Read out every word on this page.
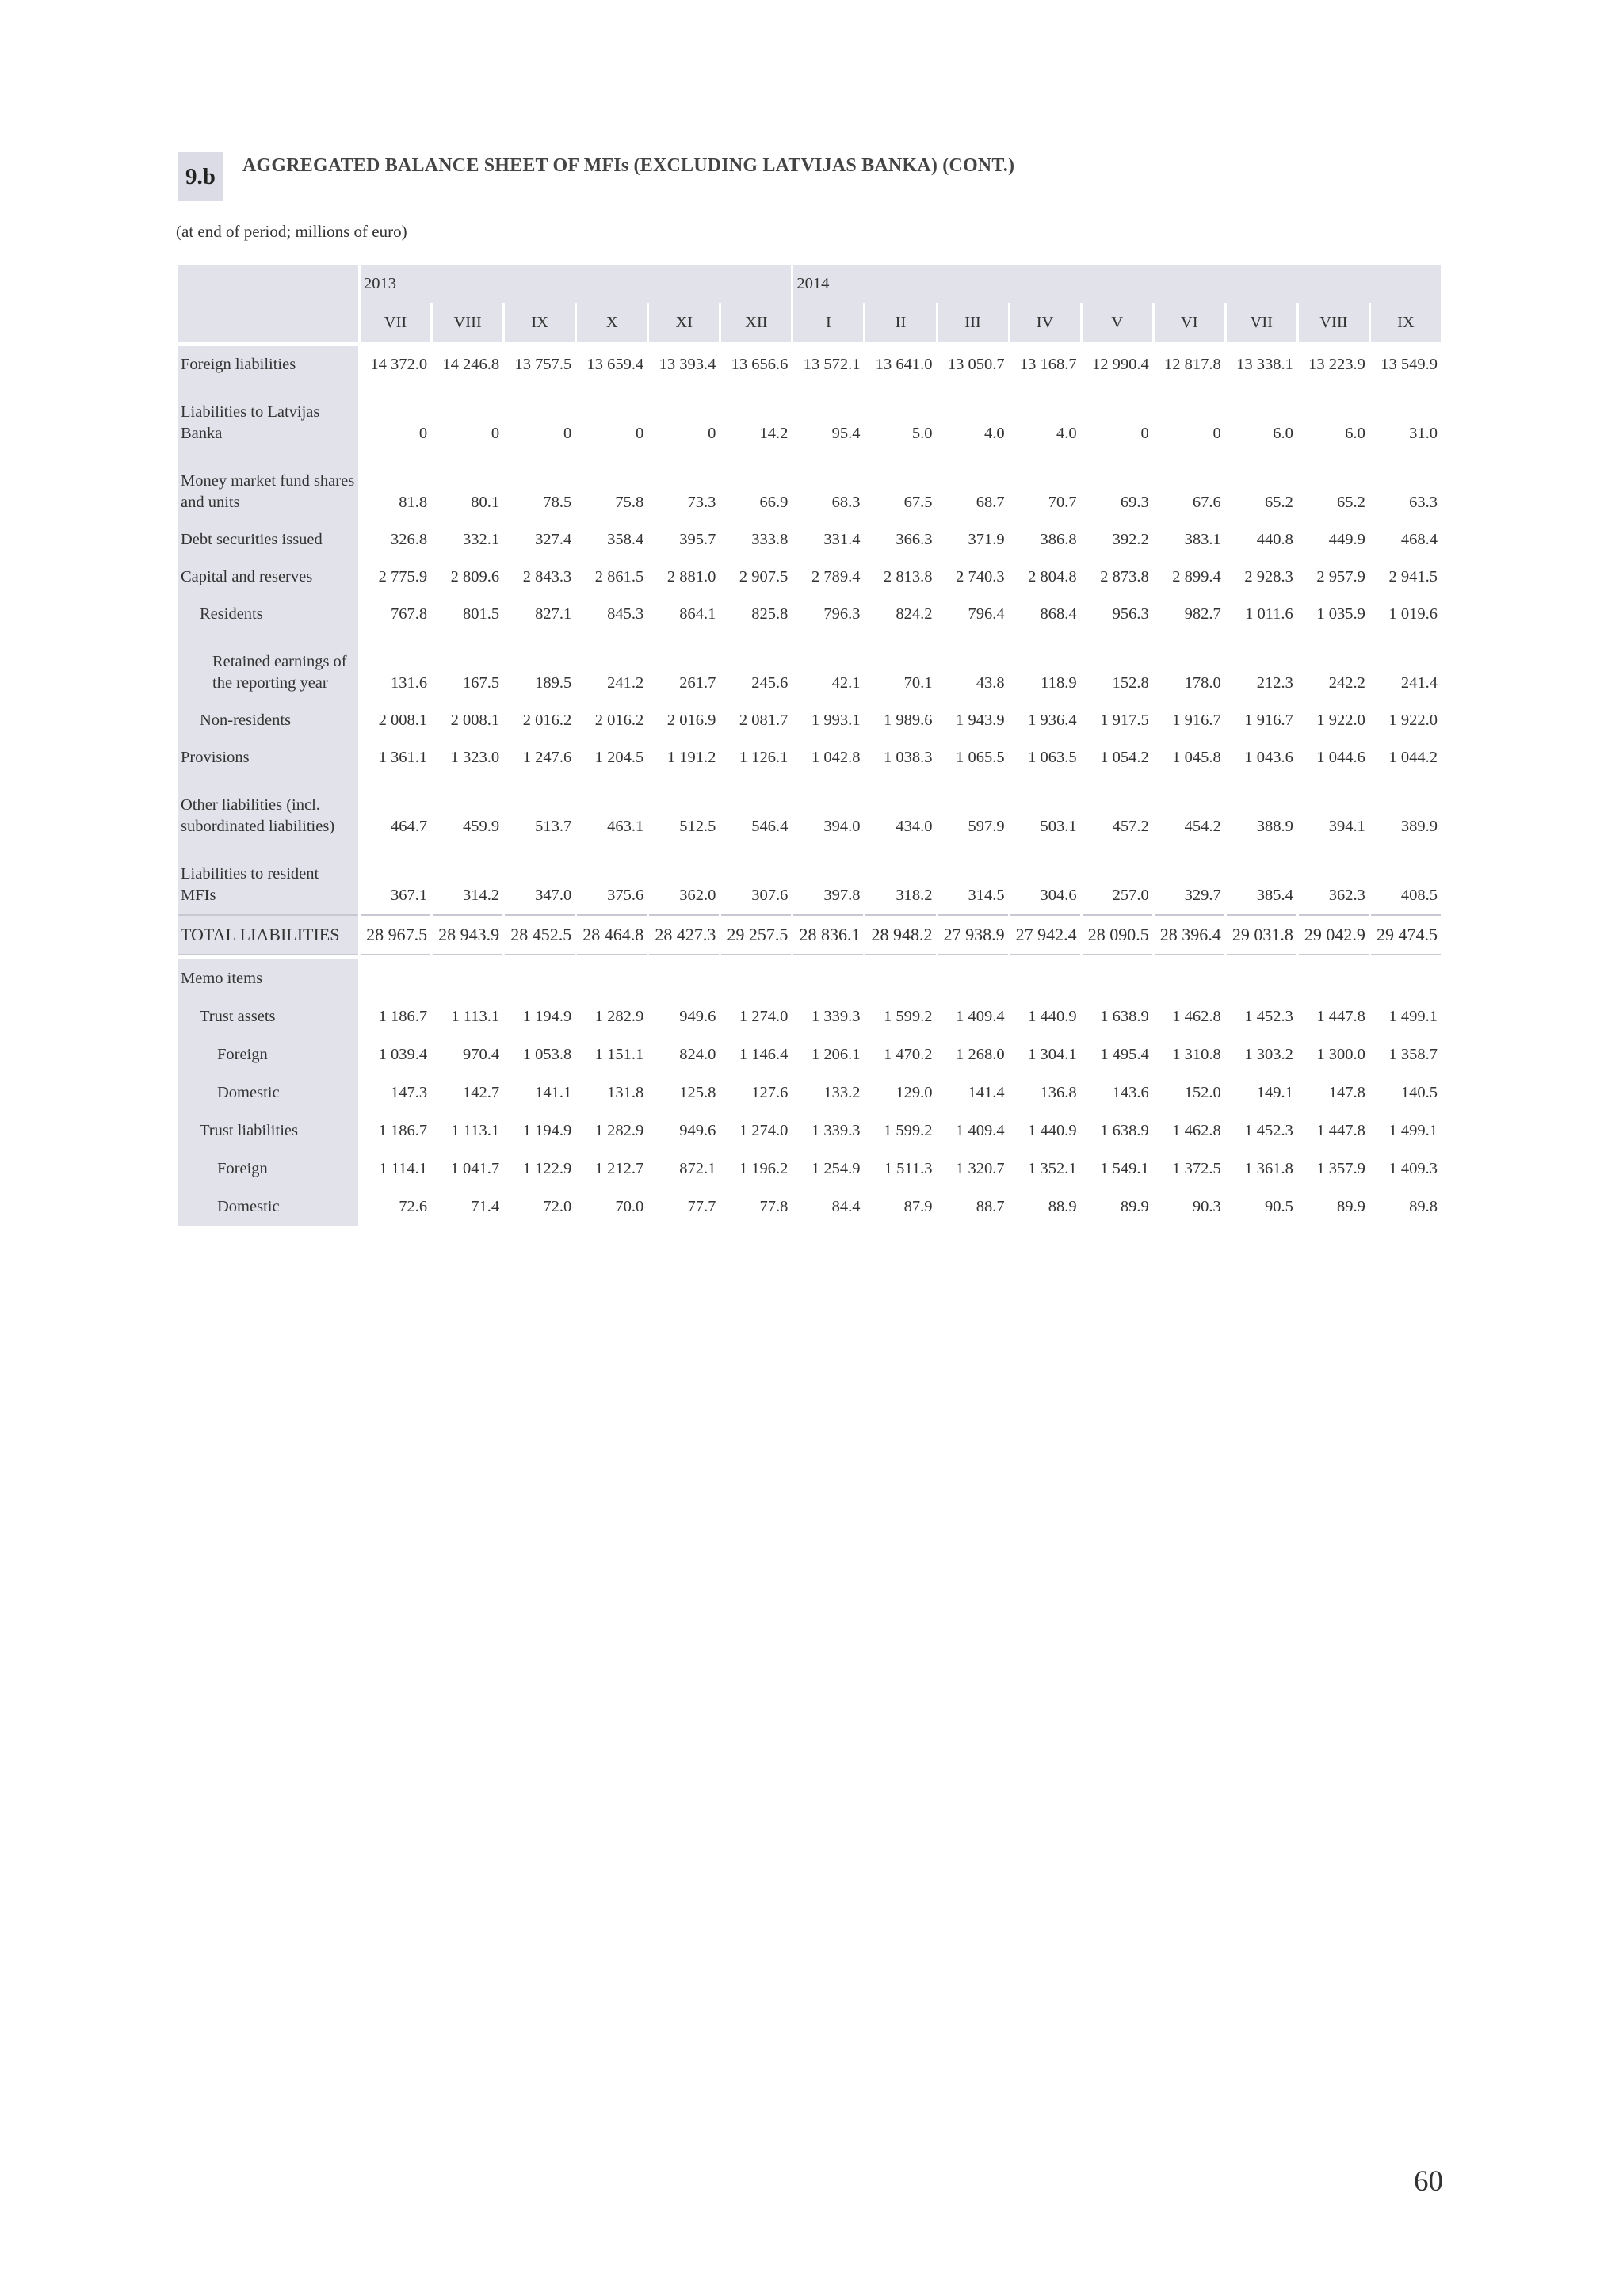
9.b	AGGREGATED BALANCE SHEET OF MFIs (EXCLUDING LATVIJAS BANKA) (CONT.)
(at end of period; millions of euro)
	2013						2014								
	VII	VIII	IX	X	XI	XII	I	II	III	IV	V	VI	VII	VIII	IX

Foreign liabilities	14 372.0	14 246.8	13 757.5	13 659.4	13 393.4	13 656.6	13 572.1	13 641.0	13 050.7	13 168.7	12 990.4	12 817.8	13 338.1	13 223.9	13 549.9
Liabilities to Latvijas Banka	0	0	0	0	0	14.2	95.4	5.0	4.0	4.0	0	0	6.0	6.0	31.0
Money market fund shares and units	81.8	80.1	78.5	75.8	73.3	66.9	68.3	67.5	68.7	70.7	69.3	67.6	65.2	65.2	63.3
Debt securities issued	326.8	332.1	327.4	358.4	395.7	333.8	331.4	366.3	371.9	386.8	392.2	383.1	440.8	449.9	468.4
Capital and reserves	2 775.9	2 809.6	2 843.3	2 861.5	2 881.0	2 907.5	2 789.4	2 813.8	2 740.3	2 804.8	2 873.8	2 899.4	2 928.3	2 957.9	2 941.5
Residents	767.8	801.5	827.1	845.3	864.1	825.8	796.3	824.2	796.4	868.4	956.3	982.7	1 011.6	1 035.9	1 019.6
Retained earnings of the reporting year	131.6	167.5	189.5	241.2	261.7	245.6	42.1	70.1	43.8	118.9	152.8	178.0	212.3	242.2	241.4
Non-residents	2 008.1	2 008.1	2 016.2	2 016.2	2 016.9	2 081.7	1 993.1	1 989.6	1 943.9	1 936.4	1 917.5	1 916.7	1 916.7	1 922.0	1 922.0
Provisions	1 361.1	1 323.0	1 247.6	1 204.5	1 191.2	1 126.1	1 042.8	1 038.3	1 065.5	1 063.5	1 054.2	1 045.8	1 043.6	1 044.6	1 044.2
Other liabilities (incl. subordinated liabilities)	464.7	459.9	513.7	463.1	512.5	546.4	394.0	434.0	597.9	503.1	457.2	454.2	388.9	394.1	389.9
Liabilities to resident MFIs	367.1	314.2	347.0	375.6	362.0	307.6	397.8	318.2	314.5	304.6	257.0	329.7	385.4	362.3	408.5
TOTAL LIABILITIES	28 967.5	28 943.9	28 452.5	28 464.8	28 427.3	29 257.5	28 836.1	28 948.2	27 938.9	27 942.4	28 090.5	28 396.4	29 031.8	29 042.9	29 474.5

Memo items															
Trust assets	1 186.7	1 113.1	1 194.9	1 282.9	949.6	1 274.0	1 339.3	1 599.2	1 409.4	1 440.9	1 638.9	1 462.8	1 452.3	1 447.8	1 499.1
Foreign	1 039.4	970.4	1 053.8	1 151.1	824.0	1 146.4	1 206.1	1 470.2	1 268.0	1 304.1	1 495.4	1 310.8	1 303.2	1 300.0	1 358.7
Domestic	147.3	142.7	141.1	131.8	125.8	127.6	133.2	129.0	141.4	136.8	143.6	152.0	149.1	147.8	140.5
Trust liabilities	1 186.7	1 113.1	1 194.9	1 282.9	949.6	1 274.0	1 339.3	1 599.2	1 409.4	1 440.9	1 638.9	1 462.8	1 452.3	1 447.8	1 499.1
Foreign	1 114.1	1 041.7	1 122.9	1 212.7	872.1	1 196.2	1 254.9	1 511.3	1 320.7	1 352.1	1 549.1	1 372.5	1 361.8	1 357.9	1 409.3
Domestic	72.6	71.4	72.0	70.0	77.7	77.8	84.4	87.9	88.7	88.9	89.9	90.3	90.5	89.9	89.8
60
